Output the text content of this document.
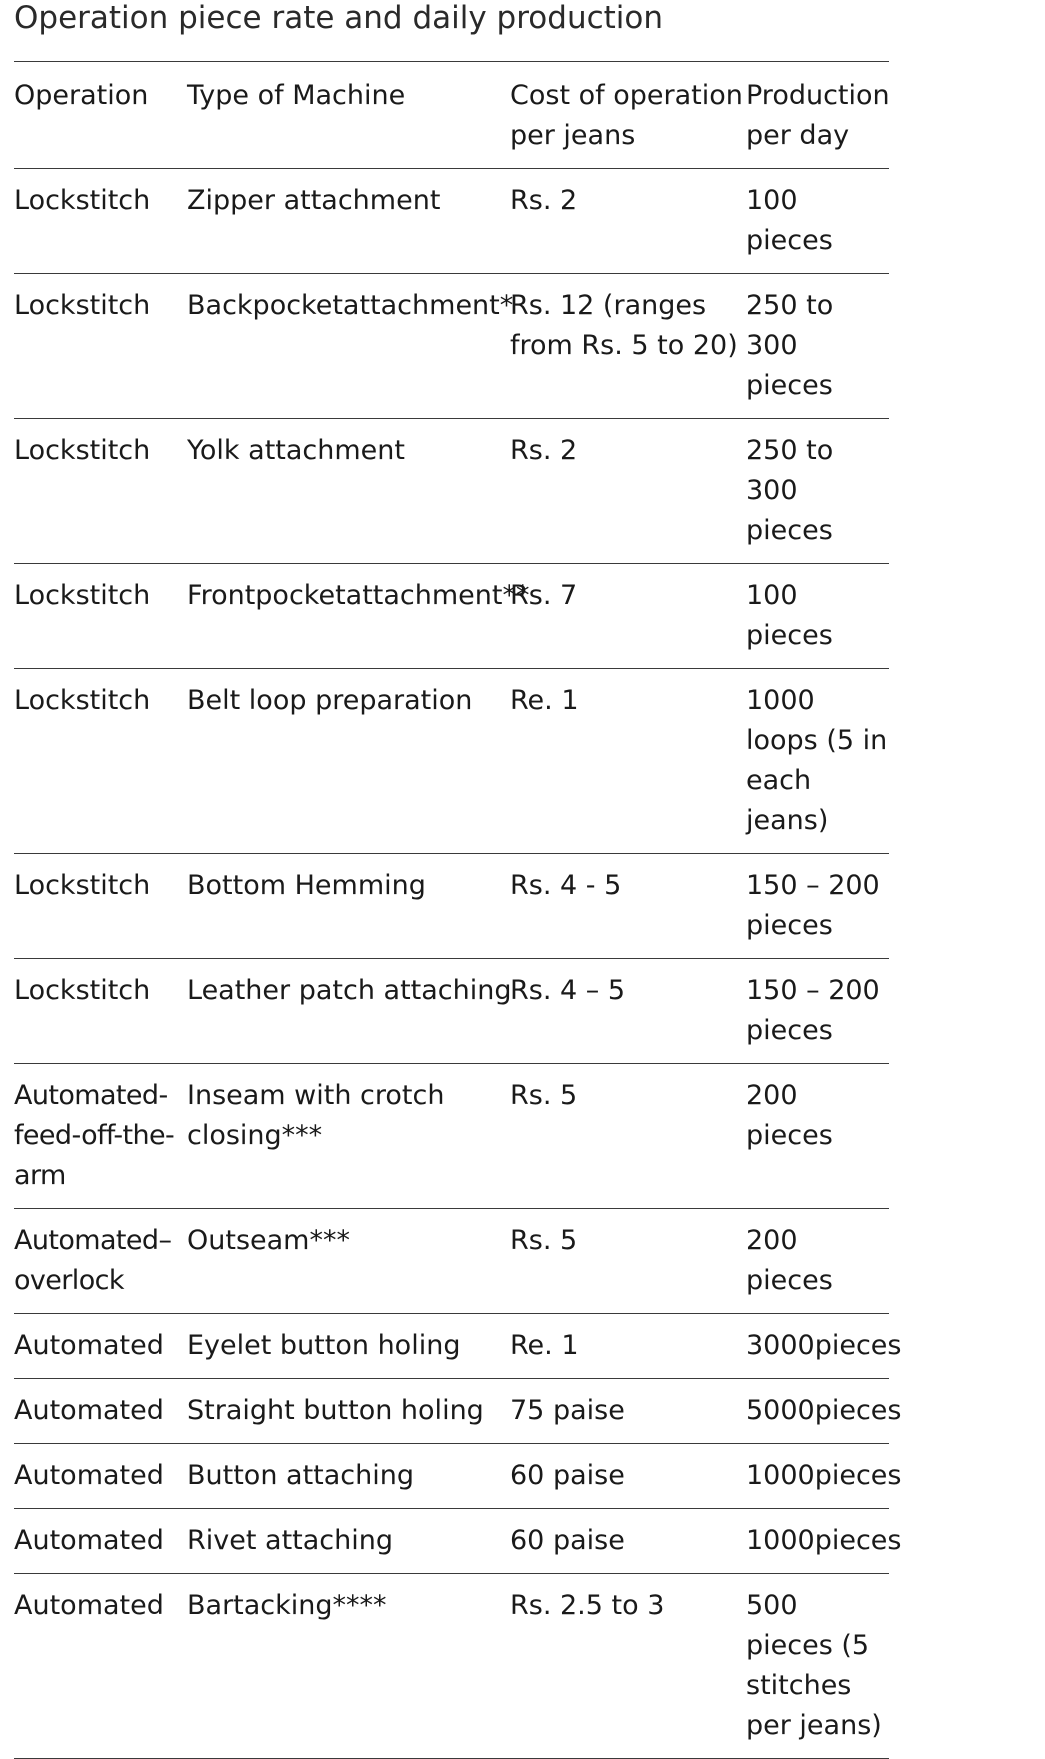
Operation piece rate and daily production
Operation	Type of Machine	Cost of operation per jeans	Production per day
Lockstitch	Zipper attachment	Rs. 2	100 pieces
Lockstitch	Backpocketattachment*	Rs. 12 (ranges from Rs. 5 to 20)	250 to 300 pieces
Lockstitch	Yolk attachment	Rs. 2	250 to 300 pieces
Lockstitch	Frontpocketattachment**	Rs. 7	100 pieces
Lockstitch	Belt loop preparation	Re. 1	1000 loops (5 in each jeans)
Lockstitch	Bottom Hemming	Rs. 4 - 5	150 – 200 pieces
Lockstitch	Leather patch attaching	Rs. 4 – 5	150 – 200 pieces
Automated-feed-off-the-arm	Inseam with crotch closing***	Rs. 5	200 pieces
Automated–overlock	Outseam***	Rs. 5	200 pieces
Automated	Eyelet button holing	Re. 1	3000pieces
Automated	Straight button holing	75 paise	5000pieces
Automated	Button attaching	60 paise	1000pieces
Automated	Rivet attaching	60 paise	1000pieces
Automated	Bartacking****	Rs. 2.5 to 3	500 pieces (5 stitches per jeans)
